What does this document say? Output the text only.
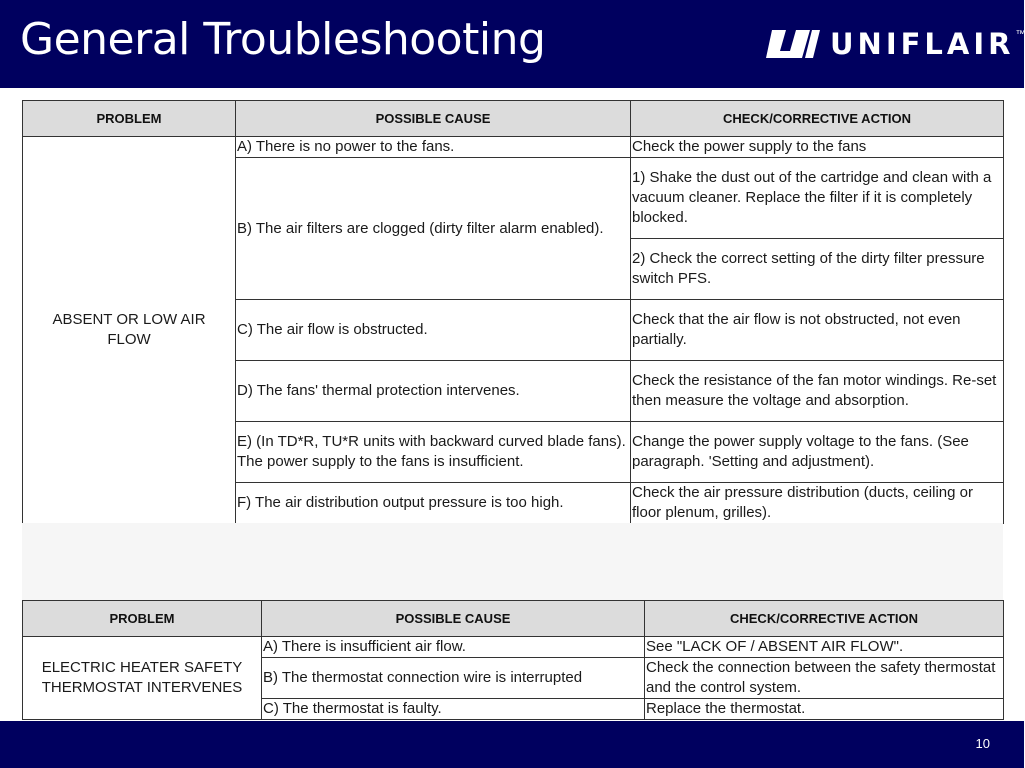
General Troubleshooting	UNIFLAIR ™
PROBLEM	POSSIBLE CAUSE	CHECK/CORRECTIVE ACTION
ABSENT OR LOW AIR FLOW	A) There is no power to the fans.	Check the power supply to the fans
	B) The air filters are clogged (dirty filter alarm enabled).	1) Shake the dust out of the cartridge and clean with a vacuum cleaner. Replace the filter if it is completely blocked.
		2) Check the correct setting of the dirty filter pressure switch PFS.
	C) The air flow is obstructed.	Check that the air flow is not obstructed, not even partially.
	D) The fans' thermal protection intervenes.	Check the resistance of the fan motor windings. Re-set then measure the voltage and absorption.
	E) (In TD*R, TU*R units with backward curved blade fans). The power supply to the fans is insufficient.	Change the power supply voltage to the fans. (See paragraph. 'Setting and adjustment).
	F) The air distribution output pressure is too high.	Check the air pressure distribution (ducts, ceiling or floor plenum, grilles).
PROBLEM	POSSIBLE CAUSE	CHECK/CORRECTIVE ACTION
ELECTRIC HEATER SAFETY THERMOSTAT INTERVENES	A) There is insufficient air flow.	See "LACK OF / ABSENT AIR FLOW".
	B) The thermostat connection wire is interrupted	Check the connection between the safety thermostat and the control system.
	C) The thermostat is faulty.	Replace the thermostat.
10
